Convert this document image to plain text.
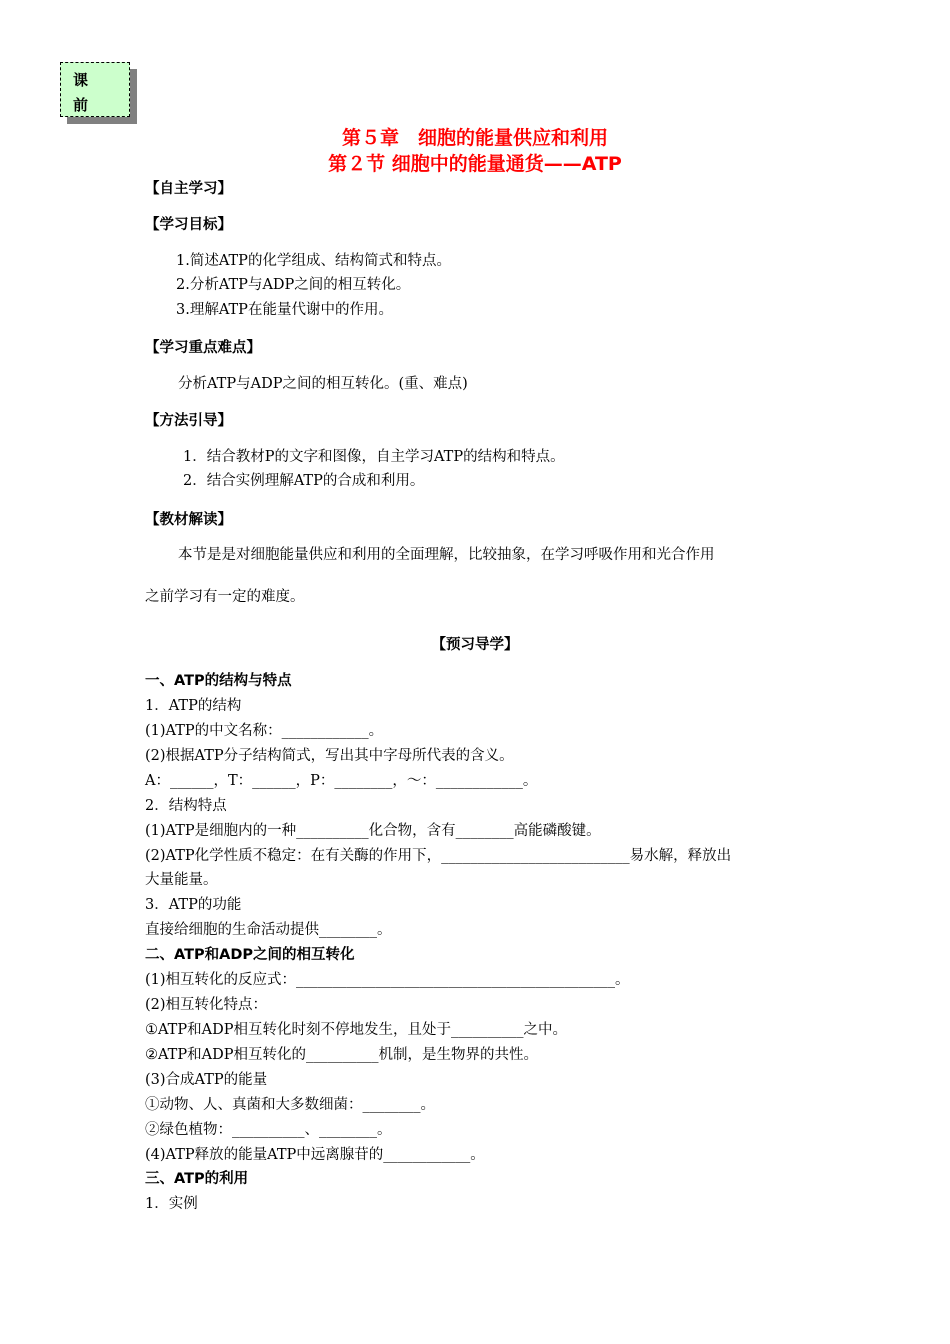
课
前
第５章　细胞的能量供应和利用
第２节 细胞中的能量通货——ATP
【自主学习】
【学习目标】
1.简述ATP的化学组成、结构简式和特点。
2.分析ATP与ADP之间的相互转化。
3.理解ATP在能量代谢中的作用。
【学习重点难点】
分析ATP与ADP之间的相互转化。(重、难点)
【方法引导】
1．结合教材P的文字和图像，自主学习ATP的结构和特点。
2．结合实例理解ATP的合成和利用。
【教材解读】
本节是是对细胞能量供应和利用的全面理解，比较抽象，在学习呼吸作用和光合作用
之前学习有一定的难度。
【预习导学】
一、ATP的结构与特点
1．ATP的结构
(1)ATP的中文名称：____________。
(2)根据ATP分子结构简式，写出其中字母所代表的含义。
A：______，T：______，P：________，～：____________。
2．结构特点
(1)ATP是细胞内的一种__________化合物，含有________高能磷酸键。
(2)ATP化学性质不稳定：在有关酶的作用下，__________________________易水解，释放出
大量能量。
3．ATP的功能
直接给细胞的生命活动提供________。
二、ATP和ADP之间的相互转化
(1)相互转化的反应式：____________________________________________。
(2)相互转化特点：
①ATP和ADP相互转化时刻不停地发生，且处于__________之中。
②ATP和ADP相互转化的__________机制，是生物界的共性。
(3)合成ATP的能量
①动物、人、真菌和大多数细菌：________。
②绿色植物：__________、________。
(4)ATP释放的能量ATP中远离腺苷的____________。
三、ATP的利用
1．实例
